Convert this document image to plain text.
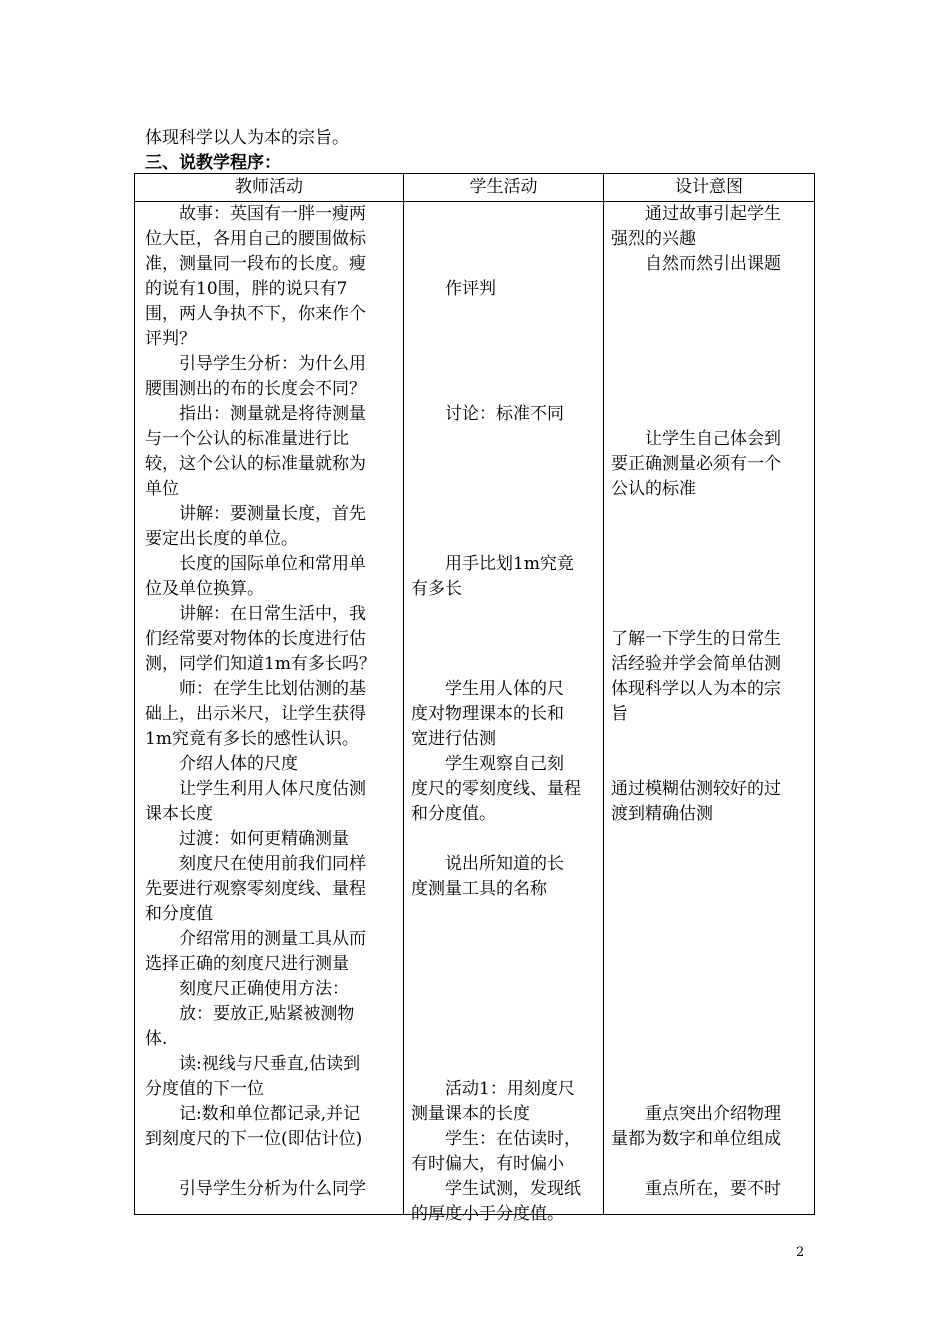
体现科学以人为本的宗旨。
三、说教学程序：
教师活动	学生活动	设计意图
　　故事：英国有一胖一瘦两
位大臣，各用自己的腰围做标
准，测量同一段布的长度。瘦
的说有10围，胖的说只有7
围，两人争执不下，你来作个
评判？
　　引导学生分析：为什么用
腰围测出的布的长度会不同？
　　指出：测量就是将待测量
与一个公认的标准量进行比
较，这个公认的标准量就称为
单位
　　讲解：要测量长度，首先
要定出长度的单位。
　　长度的国际单位和常用单
位及单位换算。
　　讲解：在日常生活中，我
们经常要对物体的长度进行估
测，同学们知道1m有多长吗？
　　师：在学生比划估测的基
础上，出示米尺，让学生获得
1m究竟有多长的感性认识。
　　介绍人体的尺度
　　让学生利用人体尺度估测
课本长度
　　过渡：如何更精确测量
　　刻度尺在使用前我们同样
先要进行观察零刻度线、量程
和分度值
　　介绍常用的测量工具从而
选择正确的刻度尺进行测量
　　刻度尺正确使用方法：
　　放：要放正,贴紧被测物
体.
　　读:视线与尺垂直,估读到
分度值的下一位
　　记:数和单位都记录,并记
到刻度尺的下一位(即估计位)
　　引导学生分析为什么同学
作评判
讨论：标准不同
用手比划1m究竟
有多长
学生用人体的尺
度对物理课本的长和
宽进行估测
学生观察自己刻
度尺的零刻度线、量程
和分度值。
说出所知道的长
度测量工具的名称
活动1：用刻度尺
测量课本的长度
学生：在估读时，
有时偏大，有时偏小
学生试测，发现纸
的厚度小于分度值。
通过故事引起学生
强烈的兴趣
自然而然引出课题
让学生自己体会到
要正确测量必须有一个
公认的标准
了解一下学生的日常生
活经验并学会简单估测
体现科学以人为本的宗
旨
通过模糊估测较好的过
渡到精确估测
重点突出介绍物理
量都为数字和单位组成
重点所在，要不时
2
